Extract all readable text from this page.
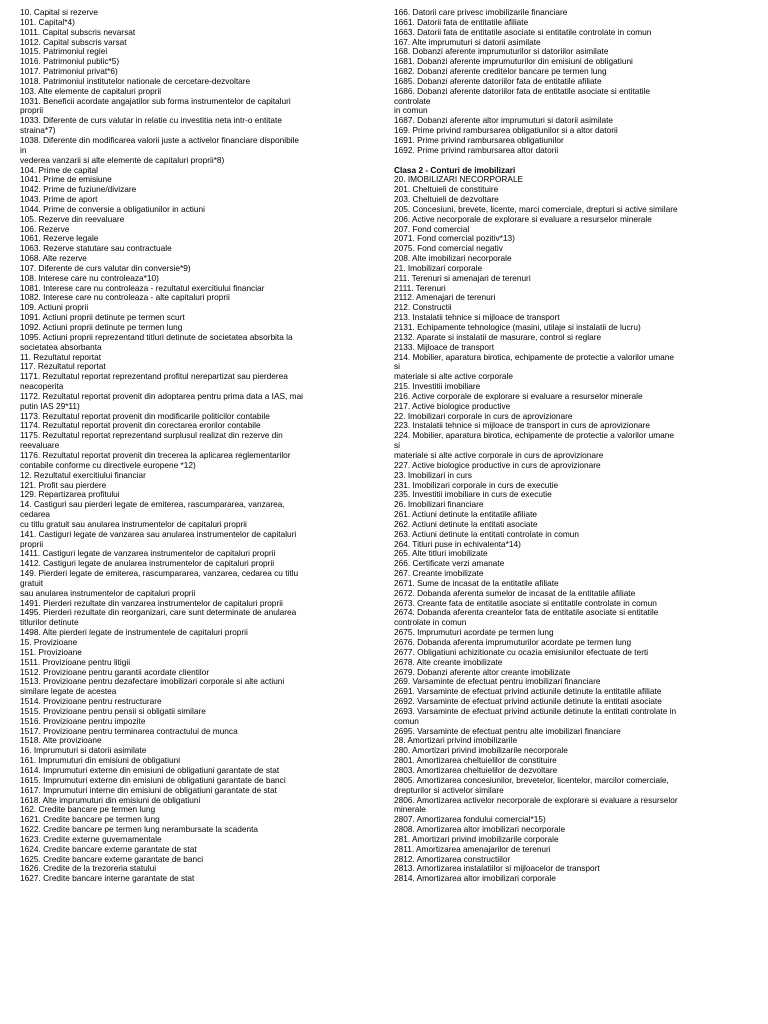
10. Capital si rezerve
101. Capital*4)
1011. Capital subscris nevarsat
1012. Capital subscris varsat
1015. Patrimoniul regiei
1016. Patrimoniul public*5)
1017. Patrimoniul privat*6)
1018. Patrimoniul institutelor nationale de cercetare-dezvoltare
103. Alte elemente de capitaluri proprii
1031. Beneficii acordate angajatilor sub forma instrumentelor de capitaluri
proprii
1033. Diferente de curs valutar in relatie cu investitia neta intr-o entitate
straina*7)
1038. Diferente din modificarea valorii juste a activelor financiare disponibile
in
vederea vanzarii si alte elemente de capitaluri proprii*8)
104. Prime de capital
1041. Prime de emisiune
1042. Prime de fuziune/divizare
1043. Prime de aport
1044. Prime de conversie a obligatiunilor in actiuni
105. Rezerve din reevaluare
106. Rezerve
1061. Rezerve legale
1063. Rezerve statutare sau contractuale
1068. Alte rezerve
107. Diferente de curs valutar din conversie*9)
108. Interese care nu controleaza*10)
1081. Interese care nu controleaza - rezultatul exercitiului financiar
1082. Interese care nu controleaza - alte capitaluri proprii
109. Actiuni proprii
1091. Actiuni proprii detinute pe termen scurt
1092. Actiuni proprii detinute pe termen lung
1095. Actiuni proprii reprezentand titluri detinute de societatea absorbita la
societatea absorbanta
11. Rezultatul reportat
117. Rezultatul reportat
1171. Rezultatul reportat reprezentand profitul nerepartizat sau pierderea
neacoperita
1172. Rezultatul reportat provenit din adoptarea pentru prima data a IAS, mai
putin IAS 29*11)
1173. Rezultatul reportat provenit din modificarile politicilor contabile
1174. Rezultatul reportat provenit din corectarea erorilor contabile
1175. Rezultatul reportat reprezentand surplusul realizat din rezerve din
reevaluare
1176. Rezultatul reportat provenit din trecerea la aplicarea reglementarilor
contabile conforme cu directivele europene *12)
12. Rezultatul exercitiului financiar
121. Profit sau pierdere
129. Repartizarea profitului
14. Castiguri sau pierderi legate de emiterea, rascumpararea, vanzarea,
cedarea
cu titlu gratuit sau anularea instrumentelor de capitaluri proprii
141. Castiguri legate de vanzarea sau anularea instrumentelor de capitaluri
proprii
1411. Castiguri legate de vanzarea instrumentelor de capitaluri proprii
1412. Castiguri legate de anularea instrumentelor de capitaluri proprii
149. Pierderi legate de emiterea, rascumpararea, vanzarea, cedarea cu titlu
gratuit
sau anularea instrumentelor de capitaluri proprii
1491. Pierderi rezultate din vanzarea instrumentelor de capitaluri proprii
1495. Pierderi rezultate din reorganizari, care sunt determinate de anularea
titlurilor detinute
1498. Alte pierderi legate de instrumentele de capitaluri proprii
15. Provizioane
151. Provizioane
1511. Provizioane pentru litigii
1512. Provizioane pentru garantii acordate clientilor
1513. Provizioane pentru dezafectare imobilizari corporale si alte actiuni
similare legate de acestea
1514. Provizioane pentru restructurare
1515. Provizioane pentru pensii si obligatii similare
1516. Provizioane pentru impozite
1517. Provizioane pentru terminarea contractului de munca
1518. Alte provizioane
16. Imprumuturi si datorii asimilate
161. Imprumuturi din emisiuni de obligatiuni
1614. Imprumuturi externe din emisiuni de obligatiuni garantate de stat
1615. Imprumuturi externe din emisiuni de obligatiuni garantate de banci
1617. Imprumuturi interne din emisiuni de obligatiuni garantate de stat
1618. Alte imprumuturi din emisiuni de obligatiuni
162. Credite bancare pe termen lung
1621. Credite bancare pe termen lung
1622. Credite bancare pe termen lung nerambursate la scadenta
1623. Credite externe guvernamentale
1624. Credite bancare externe garantate de stat
1625. Credite bancare externe garantate de banci
1626. Credite de la trezoreria statului
1627. Credite bancare interne garantate de stat
166. Datorii care privesc imobilizarile financiare
1661. Datorii fata de entitatile afiliate
1663. Datorii fata de entitatile asociate si entitatile controlate in comun
167. Alte imprumuturi si datorii asimilate
168. Dobanzi aferente imprumuturilor si datoriilor asimilate
1681. Dobanzi aferente imprumuturilor din emisiuni de obligatiuni
1682. Dobanzi aferente creditelor bancare pe termen lung
1685. Dobanzi aferente datoriilor fata de entitatile afiliate
1686. Dobanzi aferente datoriilor fata de entitatile asociate si entitatile
controlate
in comun
1687. Dobanzi aferente altor imprumuturi si datorii asimilate
169. Prime privind rambursarea obligatiunilor si a altor datorii
1691. Prime privind rambursarea obligatiunilor
1692. Prime privind rambursarea altor datorii
Clasa 2 - Conturi de imobilizari
20. IMOBILIZARI NECORPORALE
201. Cheltuieli de constituire
203. Cheltuieli de dezvoltare
205. Concesiuni, brevete, licente, marci comerciale, drepturi si active similare
206. Active necorporale de explorare si evaluare a resurselor minerale
207. Fond comercial
2071. Fond comercial pozitiv*13)
2075. Fond comercial negativ
208. Alte imobilizari necorporale
21. Imobilizari corporale
211. Terenuri si amenajari de terenuri
2111. Terenuri
2112. Amenajari de terenuri
212. Constructii
213. Instalatii tehnice si mijloace de transport
2131. Echipamente tehnologice (masini, utilaje si instalatii de lucru)
2132. Aparate si instalatii de masurare, control si reglare
2133. Mijloace de transport
214. Mobilier, aparatura birotica, echipamente de protectie a valorilor umane
si
materiale si alte active corporale
215. Investitii imobiliare
216. Active corporale de explorare si evaluare a resurselor minerale
217. Active biologice productive
22. Imobilizari corporale in curs de aprovizionare
223. Instalatii tehnice si mijloace de transport in curs de aprovizionare
224. Mobilier, aparatura birotica, echipamente de protectie a valorilor umane
si
materiale si alte active corporale in curs de aprovizionare
227. Active biologice productive in curs de aprovizionare
23. Imobilizari in curs
231. Imobilizari corporale in curs de executie
235. Investitii imobiliare in curs de executie
26. Imobilizari financiare
261. Actiuni detinute la entitatile afiliate
262. Actiuni detinute la entitati asociate
263. Actiuni detinute la entitati controlate in comun
264. Titluri puse in echivalenta*14)
265. Alte titluri imobilizate
266. Certificate verzi amanate
267. Creante imobilizate
2671. Sume de incasat de la entitatile afiliate
2672. Dobanda aferenta sumelor de incasat de la entitatile afiliate
2673. Creante fata de entitatile asociate si entitatile controlate in comun
2674. Dobanda aferenta creantelor fata de entitatile asociate si entitatile
controlate in comun
2675. Imprumuturi acordate pe termen lung
2676. Dobanda aferenta imprumuturilor acordate pe termen lung
2677. Obligatiuni achizitionate cu ocazia emisiunilor efectuate de terti
2678. Alte creante imobilizate
2679. Dobanzi aferente altor creante imobilizate
269. Varsaminte de efectuat pentru imobilizari financiare
2691. Varsaminte de efectuat privind actiunile detinute la entitatile afiliate
2692. Varsaminte de efectuat privind actiunile detinute la entitati asociate
2693. Varsaminte de efectuat privind actiunile detinute la entitati controlate in
comun
2695. Varsaminte de efectuat pentru alte imobilizari financiare
28. Amortizari privind imobilizarile
280. Amortizari privind imobilizarile necorporale
2801. Amortizarea cheltuielilor de constituire
2803. Amortizarea cheltuielilor de dezvoltare
2805. Amortizarea concesiunilor, brevetelor, licentelor, marcilor comerciale,
drepturilor si activelor similare
2806. Amortizarea activelor necorporale de explorare si evaluare a resurselor
minerale
2807. Amortizarea fondului comercial*15)
2808. Amortizarea altor imobilizari necorporale
281. Amortizari privind imobilizarile corporale
2811. Amortizarea amenajarilor de terenuri
2812. Amortizarea constructiilor
2813. Amortizarea instalatiilor si mijloacelor de transport
2814. Amortizarea altor imobilizari corporale
